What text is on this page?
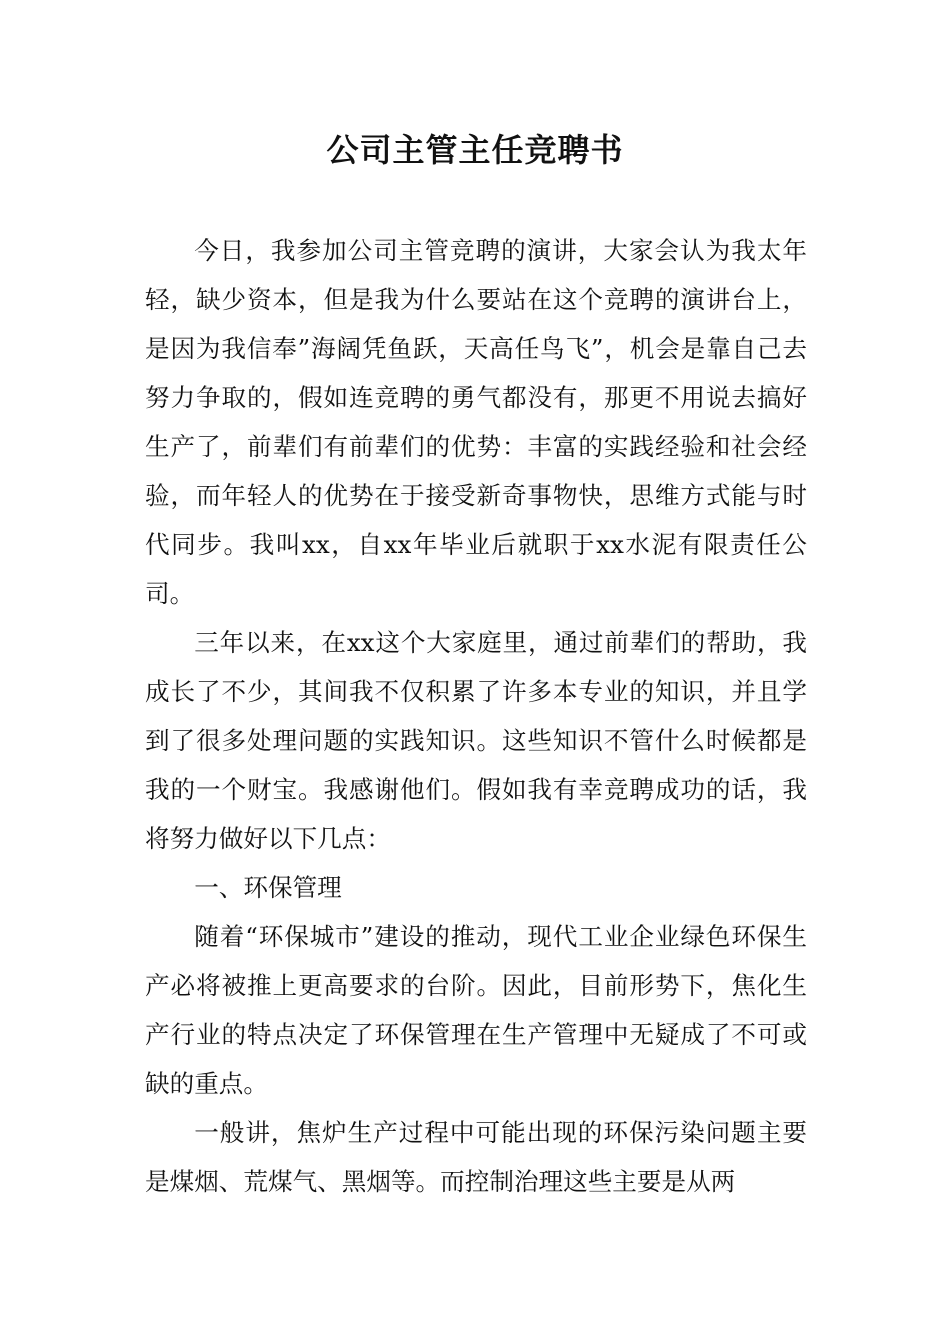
公司主管主任竞聘书

今日，我参加公司主管竞聘的演讲，大家会认为我太年轻，缺少资本，但是我为什么要站在这个竞聘的演讲台上，是因为我信奉”海阔凭鱼跃，天高任鸟飞”，机会是靠自己去努力争取的，假如连竞聘的勇气都没有，那更不用说去搞好生产了，前辈们有前辈们的优势：丰富的实践经验和社会经验，而年轻人的优势在于接受新奇事物快，思维方式能与时代同步。我叫xx，自xx年毕业后就职于xx水泥有限责任公司。

三年以来，在xx这个大家庭里，通过前辈们的帮助，我成长了不少，其间我不仅积累了许多本专业的知识，并且学到了很多处理问题的实践知识。这些知识不管什么时候都是我的一个财宝。我感谢他们。假如我有幸竞聘成功的话，我将努力做好以下几点：

一、环保管理

随着“环保城市”建设的推动，现代工业企业绿色环保生产必将被推上更高要求的台阶。因此，目前形势下，焦化生产行业的特点决定了环保管理在生产管理中无疑成了不可或缺的重点。

一般讲，焦炉生产过程中可能出现的环保污染问题主要是煤烟、荒煤气、黑烟等。而控制治理这些主要是从两
